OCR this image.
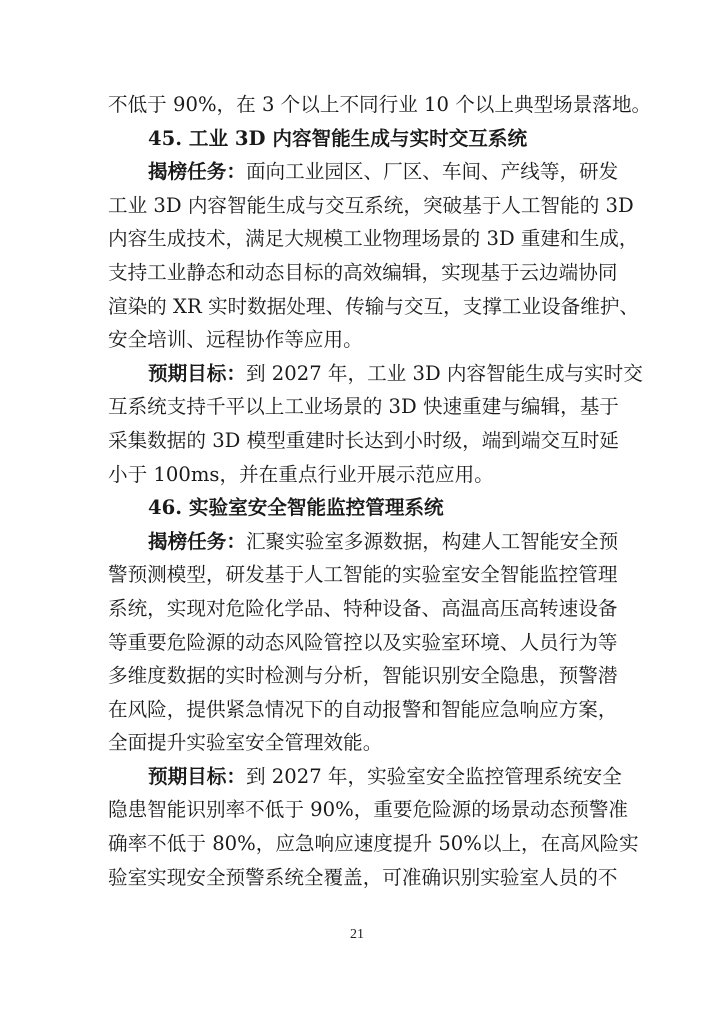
不低于 90%，在 3 个以上不同行业 10 个以上典型场景落地。
45. 工业 3D 内容智能生成与实时交互系统
揭榜任务：面向工业园区、厂区、车间、产线等，研发
工业 3D 内容智能生成与交互系统，突破基于人工智能的 3D
内容生成技术，满足大规模工业物理场景的 3D 重建和生成，
支持工业静态和动态目标的高效编辑，实现基于云边端协同
渲染的 XR 实时数据处理、传输与交互，支撑工业设备维护、
安全培训、远程协作等应用。
预期目标：到 2027 年，工业 3D 内容智能生成与实时交
互系统支持千平以上工业场景的 3D 快速重建与编辑，基于
采集数据的 3D 模型重建时长达到小时级，端到端交互时延
小于 100ms，并在重点行业开展示范应用。
46. 实验室安全智能监控管理系统
揭榜任务：汇聚实验室多源数据，构建人工智能安全预
警预测模型，研发基于人工智能的实验室安全智能监控管理
系统，实现对危险化学品、特种设备、高温高压高转速设备
等重要危险源的动态风险管控以及实验室环境、人员行为等
多维度数据的实时检测与分析，智能识别安全隐患，预警潜
在风险，提供紧急情况下的自动报警和智能应急响应方案，
全面提升实验室安全管理效能。
预期目标：到 2027 年，实验室安全监控管理系统安全
隐患智能识别率不低于 90%，重要危险源的场景动态预警准
确率不低于 80%，应急响应速度提升 50%以上，在高风险实
验室实现安全预警系统全覆盖，可准确识别实验室人员的不
21
